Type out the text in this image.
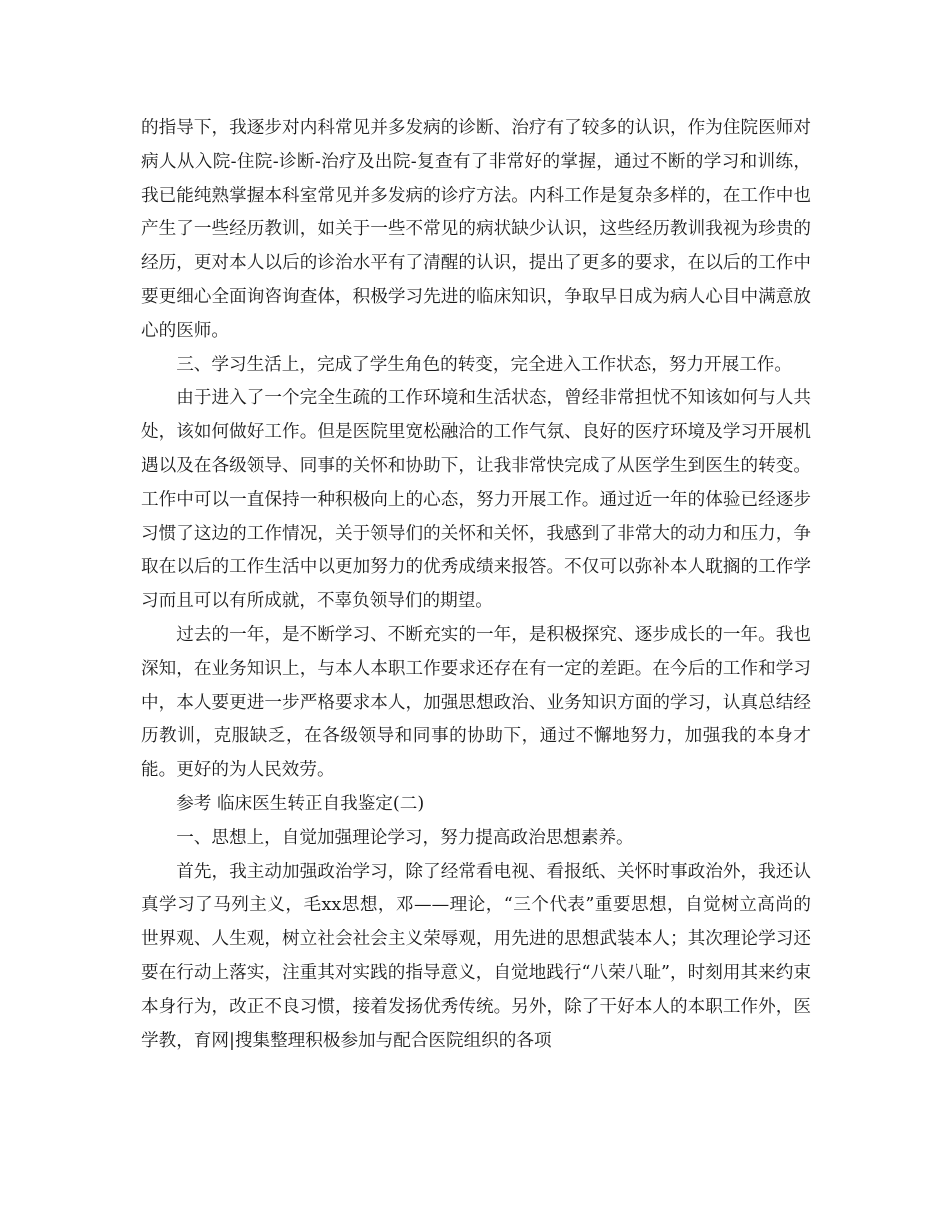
的指导下，我逐步对内科常见并多发病的诊断、治疗有了较多的认识，作为住院医师对病人从入院-住院-诊断-治疗及出院-复查有了非常好的掌握，通过不断的学习和训练，我已能纯熟掌握本科室常见并多发病的诊疗方法。内科工作是复杂多样的，在工作中也产生了一些经历教训，如关于一些不常见的病状缺少认识，这些经历教训我视为珍贵的经历，更对本人以后的诊治水平有了清醒的认识，提出了更多的要求，在以后的工作中要更细心全面询咨询查体，积极学习先进的临床知识，争取早日成为病人心目中满意放心的医师。

三、学习生活上，完成了学生角色的转变，完全进入工作状态，努力开展工作。

由于进入了一个完全生疏的工作环境和生活状态，曾经非常担忧不知该如何与人共处，该如何做好工作。但是医院里宽松融洽的工作气氛、良好的医疗环境及学习开展机遇以及在各级领导、同事的关怀和协助下，让我非常快完成了从医学生到医生的转变。工作中可以一直保持一种积极向上的心态，努力开展工作。通过近一年的体验已经逐步习惯了这边的工作情况，关于领导们的关怀和关怀，我感到了非常大的动力和压力，争取在以后的工作生活中以更加努力的优秀成绩来报答。不仅可以弥补本人耽搁的工作学习而且可以有所成就，不辜负领导们的期望。

过去的一年，是不断学习、不断充实的一年，是积极探究、逐步成长的一年。我也深知，在业务知识上，与本人本职工作要求还存在有一定的差距。在今后的工作和学习中，本人要更进一步严格要求本人，加强思想政治、业务知识方面的学习，认真总结经历教训，克服缺乏，在各级领导和同事的协助下，通过不懈地努力，加强我的本身才能。更好的为人民效劳。

参考 临床医生转正自我鉴定(二)

一、思想上，自觉加强理论学习，努力提高政治思想素养。

首先，我主动加强政治学习，除了经常看电视、看报纸、关怀时事政治外，我还认真学习了马列主义，毛xx思想，邓——理论，“三个代表”重要思想，自觉树立高尚的世界观、人生观，树立社会社会主义荣辱观，用先进的思想武装本人；其次理论学习还要在行动上落实，注重其对实践的指导意义，自觉地践行“八荣八耻”，时刻用其来约束本身行为，改正不良习惯，接着发扬优秀传统。另外，除了干好本人的本职工作外，医学教，育网|搜集整理积极参加与配合医院组织的各项
